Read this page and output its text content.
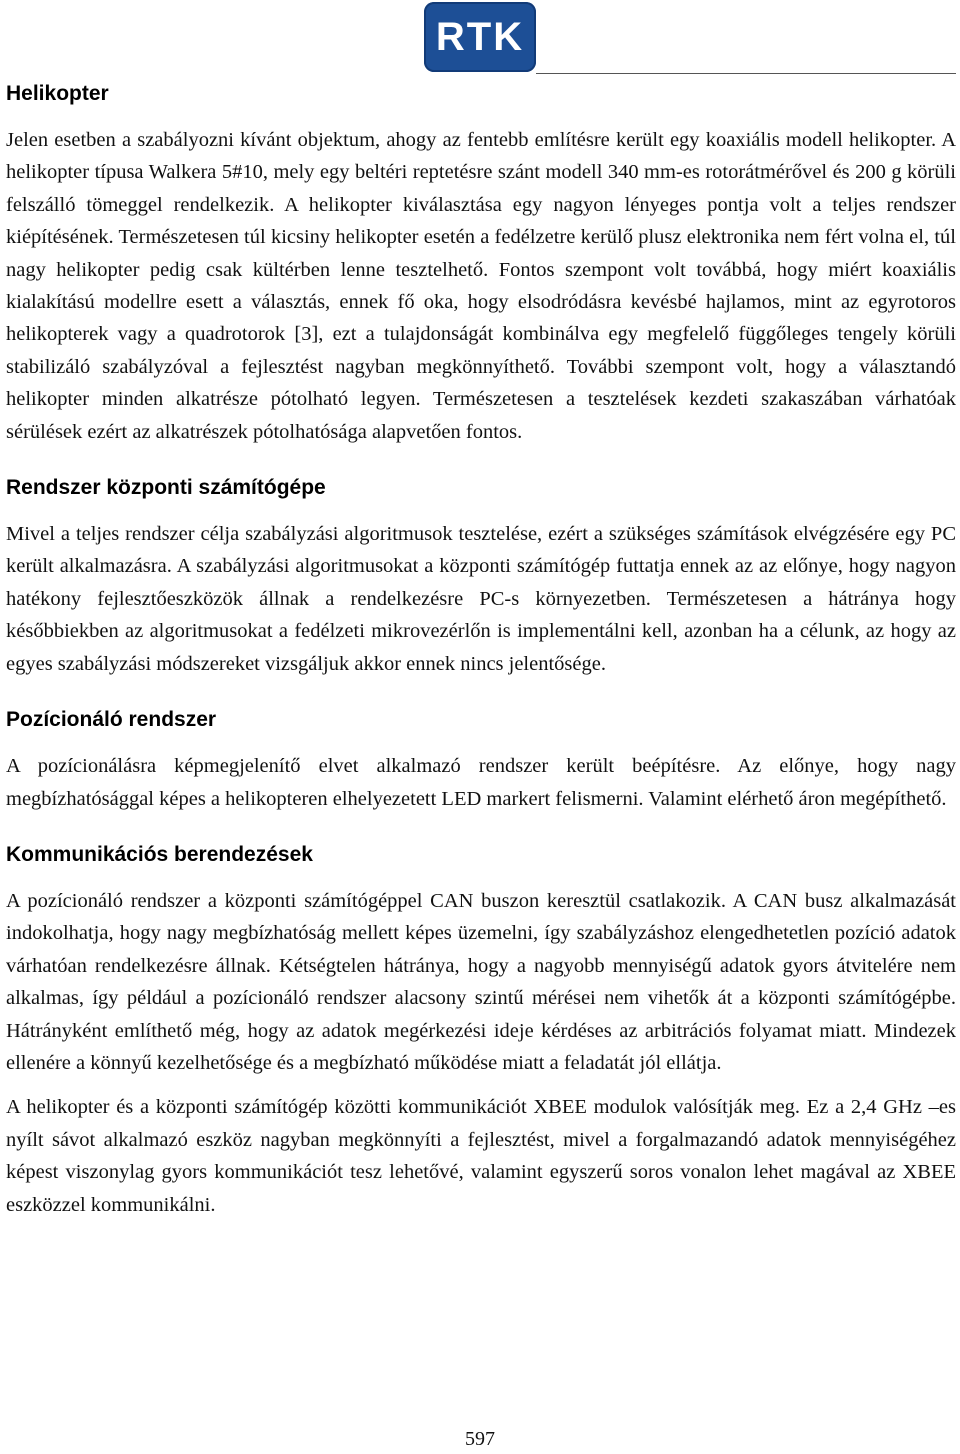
RTK
Helikopter

Jelen esetben a szabályozni kívánt objektum, ahogy az fentebb említésre került egy koaxiális modell helikopter. A helikopter típusa Walkera 5#10, mely egy beltéri reptetésre szánt modell 340 mm-es rotorátmérővel és 200 g körüli felszálló tömeggel rendelkezik. A helikopter kiválasztása egy nagyon lényeges pontja volt a teljes rendszer kiépítésének. Természetesen túl kicsiny helikopter esetén a fedélzetre kerülő plusz elektronika nem fért volna el, túl nagy helikopter pedig csak kültérben lenne tesztelhető. Fontos szempont volt továbbá, hogy miért koaxiális kialakítású modellre esett a választás, ennek fő oka, hogy elsodródásra kevésbé hajlamos, mint az egyrotoros helikopterek vagy a quadrotorok [3], ezt a tulajdonságát kombinálva egy megfelelő függőleges tengely körüli stabilizáló szabályzóval a fejlesztést nagyban megkönnyíthető. További szempont volt, hogy a választandó helikopter minden alkatrésze pótolható legyen. Természetesen a tesztelések kezdeti szakaszában várhatóak sérülések ezért az alkatrészek pótolhatósága alapvetően fontos.

Rendszer központi számítógépe

Mivel a teljes rendszer célja szabályzási algoritmusok tesztelése, ezért a szükséges számítások elvégzésére egy PC került alkalmazásra. A szabályzási algoritmusokat a központi számítógép futtatja ennek az az előnye, hogy nagyon hatékony fejlesztőeszközök állnak a rendelkezésre PC-s környezetben. Természetesen a hátránya hogy későbbiekben az algoritmusokat a fedélzeti mikrovezérlőn is implementálni kell, azonban ha a célunk, az hogy az egyes szabályzási módszereket vizsgáljuk akkor ennek nincs jelentősége.

Pozícionáló rendszer

A pozícionálásra képmegjelenítő elvet alkalmazó rendszer került beépítésre. Az előnye, hogy nagy megbízhatósággal képes a helikopteren elhelyezetett LED markert felismerni. Valamint elérhető áron megépíthető.

Kommunikációs berendezések

A pozícionáló rendszer a központi számítógéppel CAN buszon keresztül csatlakozik. A CAN busz alkalmazását indokolhatja, hogy nagy megbízhatóság mellett képes üzemelni, így szabályzáshoz elengedhetetlen pozíció adatok várhatóan rendelkezésre állnak. Kétségtelen hátránya, hogy a nagyobb mennyiségű adatok gyors átvitelére nem alkalmas, így például a pozícionáló rendszer alacsony szintű mérései nem vihetők át a központi számítógépbe. Hátrányként említhető még, hogy az adatok megérkezési ideje kérdéses az arbitrációs folyamat miatt. Mindezek ellenére a könnyű kezelhetősége és a megbízható működése miatt a feladatát jól ellátja.

A helikopter és a központi számítógép közötti kommunikációt XBEE modulok valósítják meg. Ez a 2,4 GHz –es nyílt sávot alkalmazó eszköz nagyban megkönnyíti a fejlesztést, mivel a forgalmazandó adatok mennyiségéhez képest viszonylag gyors kommunikációt tesz lehetővé, valamint egyszerű soros vonalon lehet magával az XBEE eszközzel kommunikálni.

597
